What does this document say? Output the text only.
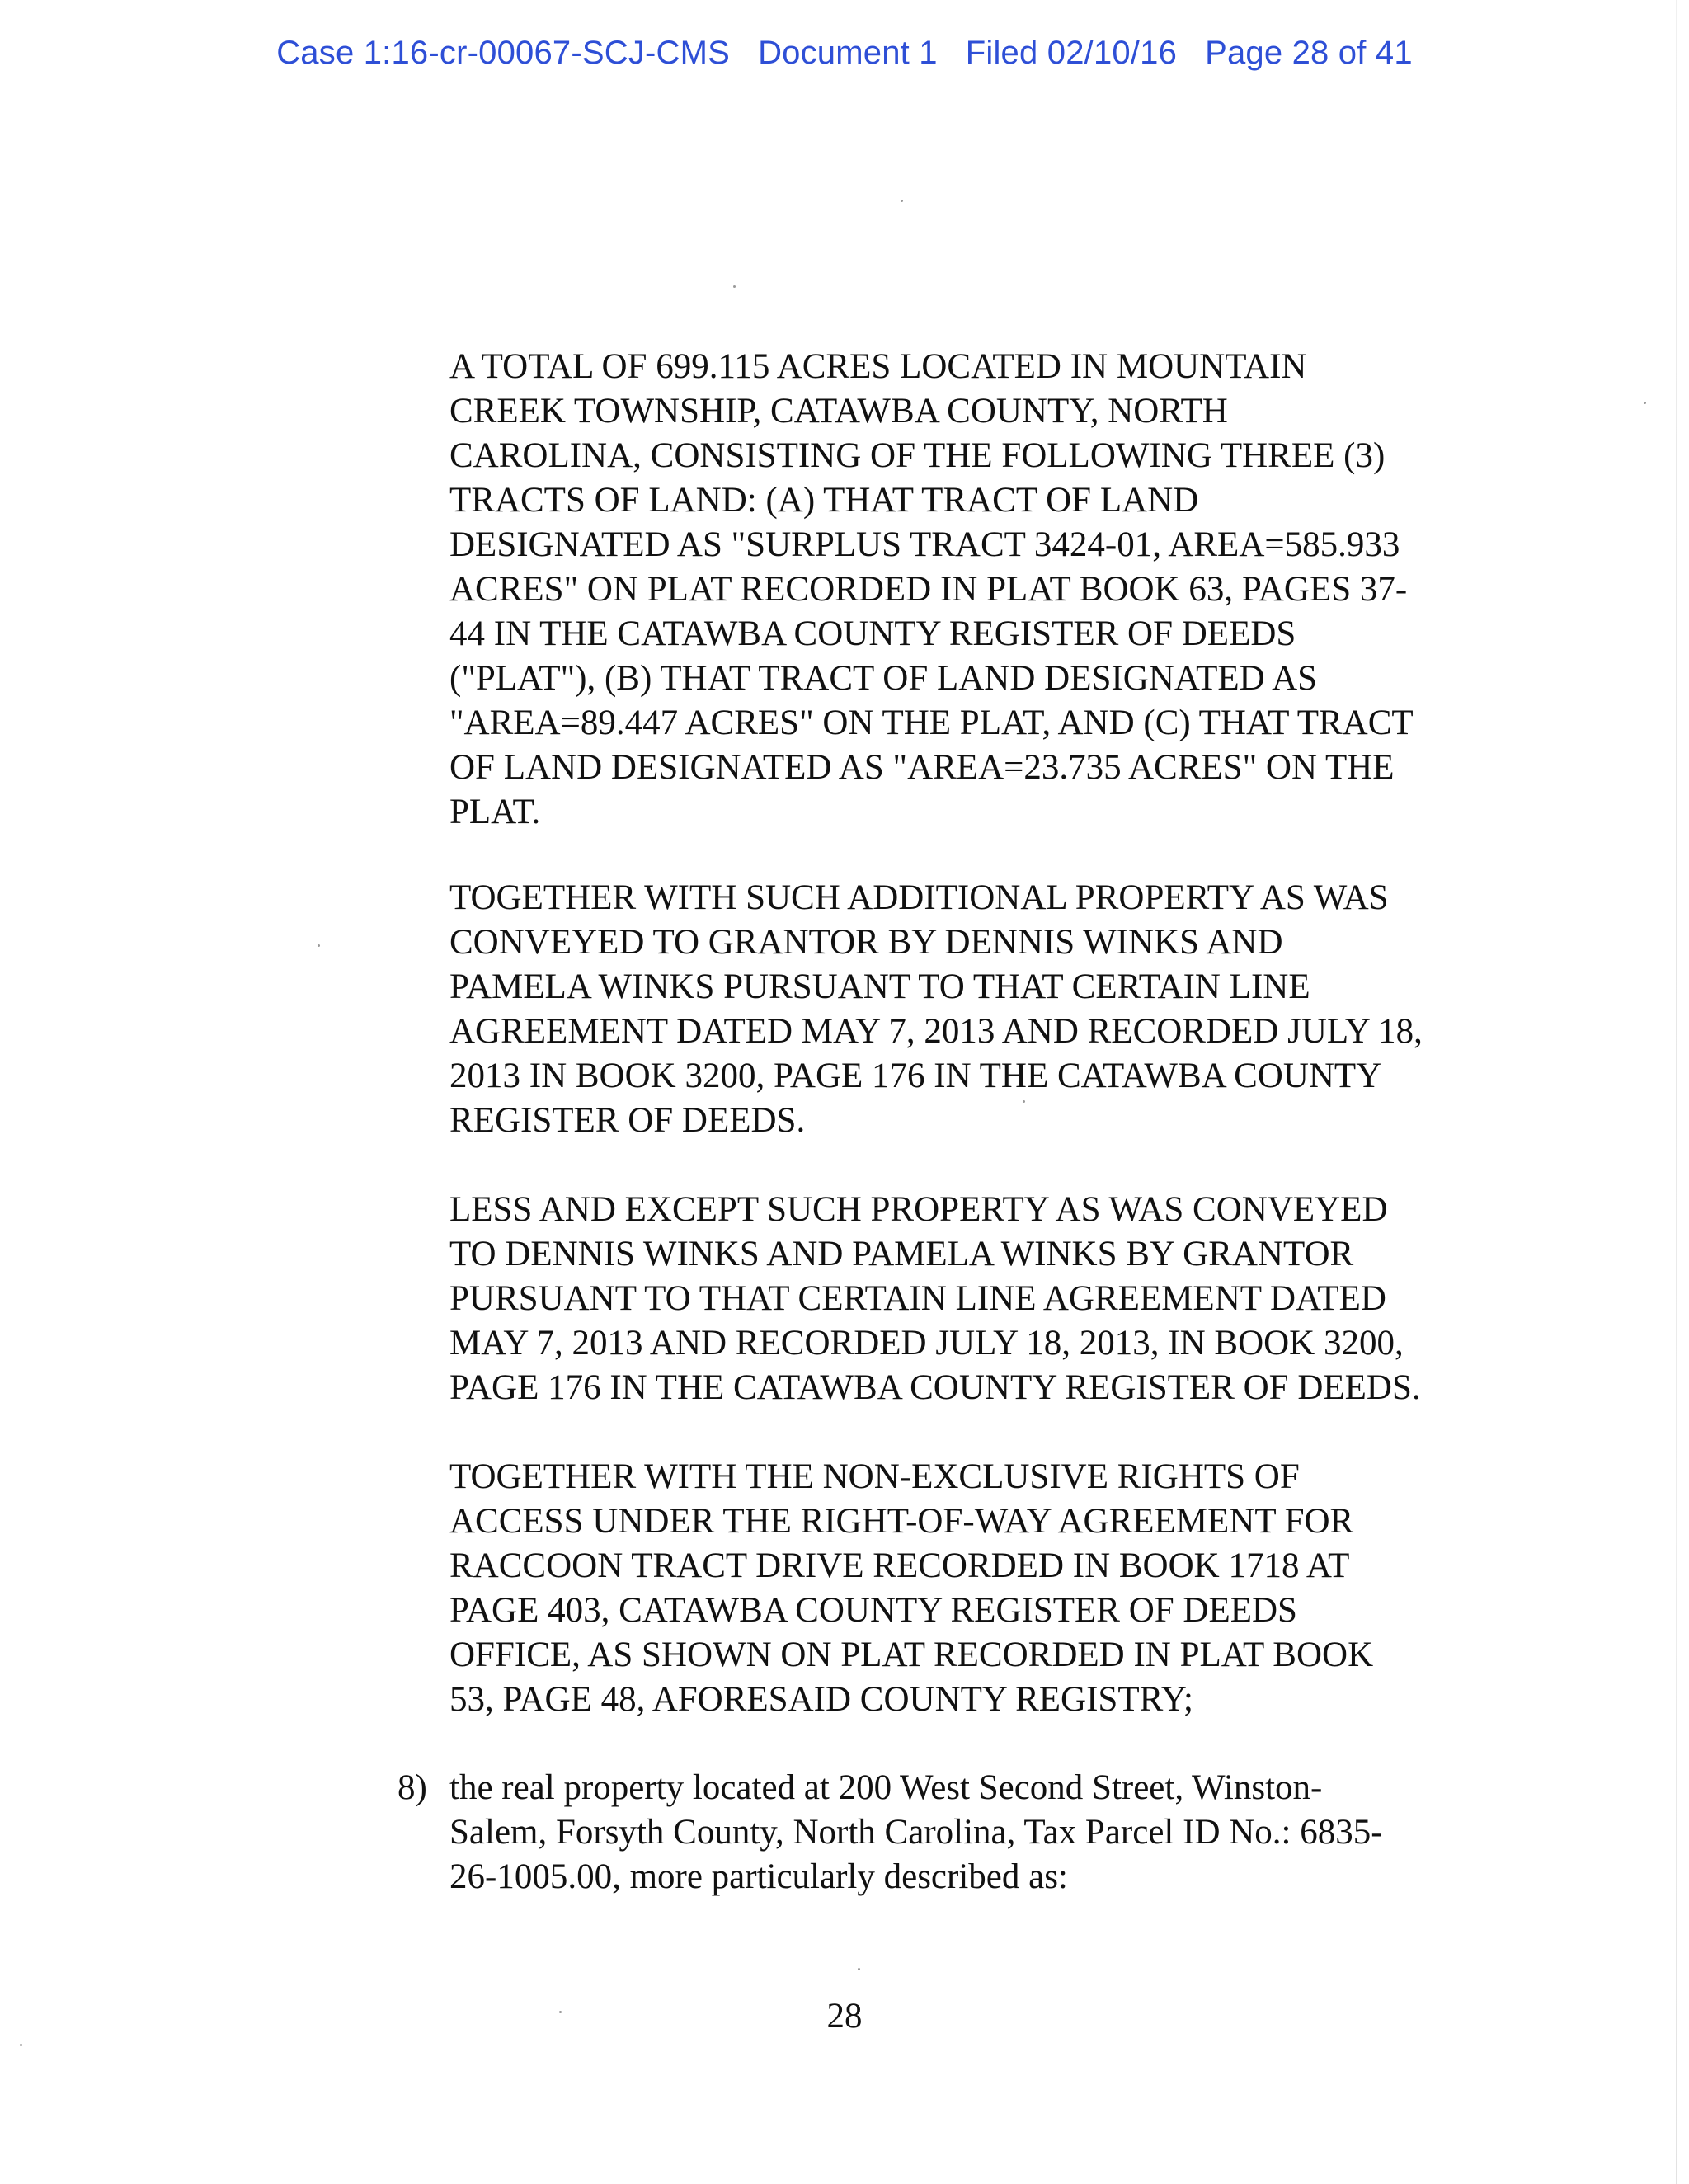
Case 1:16-cr-00067-SCJ-CMS Document 1 Filed 02/10/16 Page 28 of 41
A TOTAL OF 699.115 ACRES LOCATED IN MOUNTAIN
CREEK TOWNSHIP, CATAWBA COUNTY, NORTH
CAROLINA, CONSISTING OF THE FOLLOWING THREE (3)
TRACTS OF LAND: (A) THAT TRACT OF LAND
DESIGNATED AS "SURPLUS TRACT 3424-01, AREA=585.933
ACRES" ON PLAT RECORDED IN PLAT BOOK 63, PAGES 37-
44 IN THE CATAWBA COUNTY REGISTER OF DEEDS
("PLAT"), (B) THAT TRACT OF LAND DESIGNATED AS
"AREA=89.447 ACRES" ON THE PLAT, AND (C) THAT TRACT
OF LAND DESIGNATED AS "AREA=23.735 ACRES" ON THE
PLAT.
TOGETHER WITH SUCH ADDITIONAL PROPERTY AS WAS
CONVEYED TO GRANTOR BY DENNIS WINKS AND
PAMELA WINKS PURSUANT TO THAT CERTAIN LINE
AGREEMENT DATED MAY 7, 2013 AND RECORDED JULY 18,
2013 IN BOOK 3200, PAGE 176 IN THE CATAWBA COUNTY
REGISTER OF DEEDS.
LESS AND EXCEPT SUCH PROPERTY AS WAS CONVEYED
TO DENNIS WINKS AND PAMELA WINKS BY GRANTOR
PURSUANT TO THAT CERTAIN LINE AGREEMENT DATED
MAY 7, 2013 AND RECORDED JULY 18, 2013, IN BOOK 3200,
PAGE 176 IN THE CATAWBA COUNTY REGISTER OF DEEDS.
TOGETHER WITH THE NON-EXCLUSIVE RIGHTS OF
ACCESS UNDER THE RIGHT-OF-WAY AGREEMENT FOR
RACCOON TRACT DRIVE RECORDED IN BOOK 1718 AT
PAGE 403, CATAWBA COUNTY REGISTER OF DEEDS
OFFICE, AS SHOWN ON PLAT RECORDED IN PLAT BOOK
53, PAGE 48, AFORESAID COUNTY REGISTRY;
8) the real property located at 200 West Second Street, Winston-
Salem, Forsyth County, North Carolina, Tax Parcel ID No.: 6835-
26-1005.00, more particularly described as:
28
